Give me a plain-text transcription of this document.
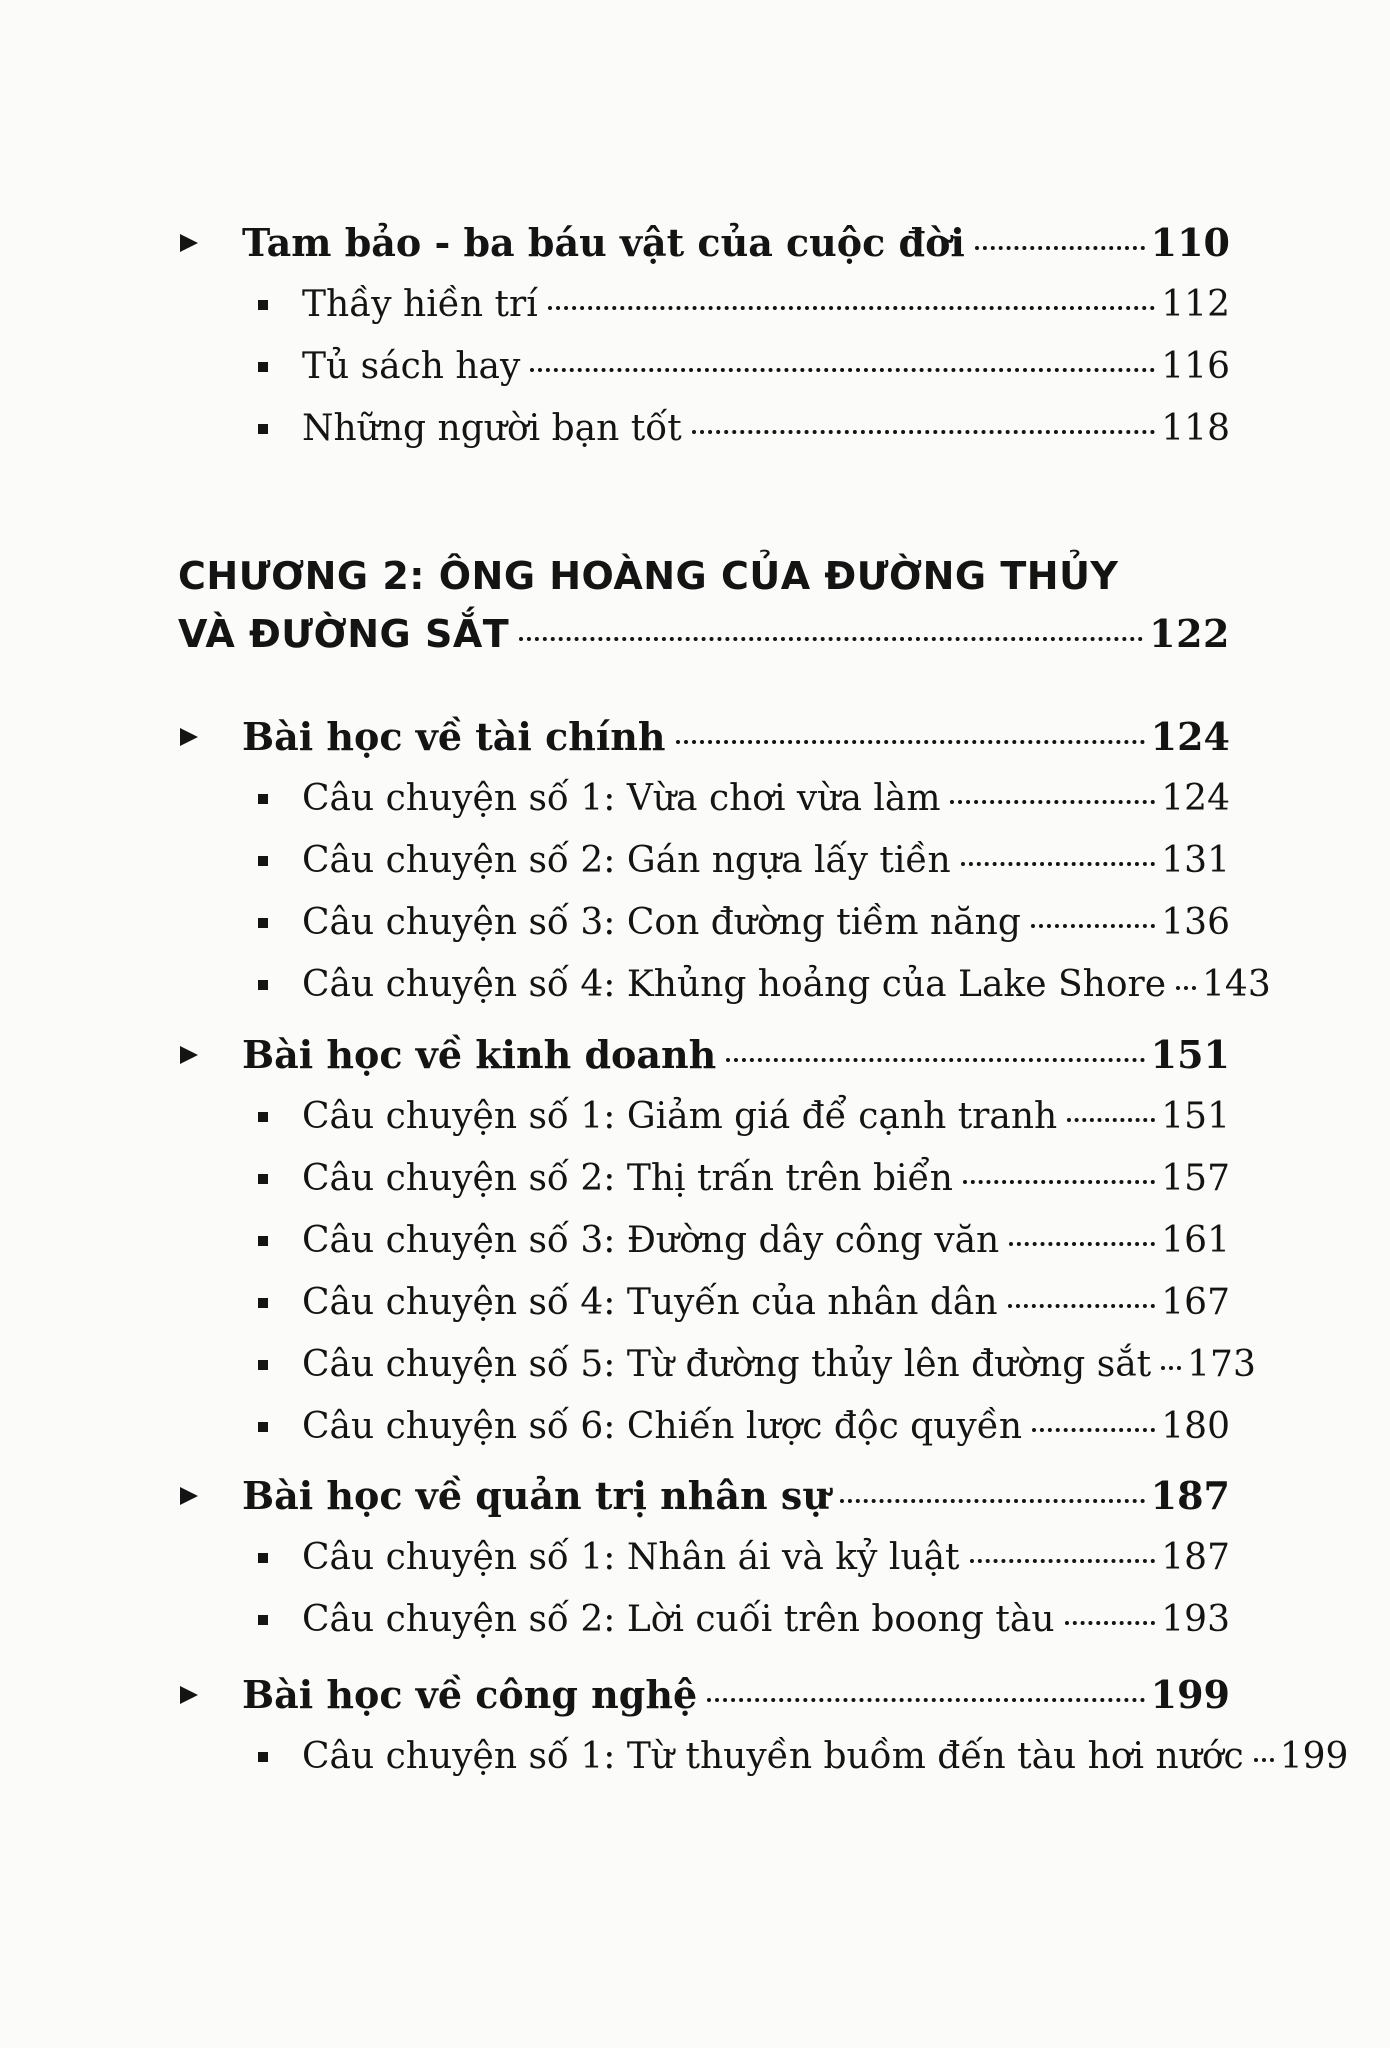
Tam bảo - ba báu vật của cuộc đời	110
Thầy hiền trí	112
Tủ sách hay	116
Những người bạn tốt	118
CHƯƠNG 2: ÔNG HOÀNG CỦA ĐƯỜNG THỦY
VÀ ĐƯỜNG SẮT	122
Bài học về tài chính	124
Câu chuyện số 1: Vừa chơi vừa làm	124
Câu chuyện số 2: Gán ngựa lấy tiền	131
Câu chuyện số 3: Con đường tiềm năng	136
Câu chuyện số 4: Khủng hoảng của Lake Shore 143
Bài học về kinh doanh	151
Câu chuyện số 1: Giảm giá để cạnh tranh	151
Câu chuyện số 2: Thị trấn trên biển	157
Câu chuyện số 3: Đường dây công văn	161
Câu chuyện số 4: Tuyến của nhân dân	167
Câu chuyện số 5: Từ đường thủy lên đường sắt 173
Câu chuyện số 6: Chiến lược độc quyền	180
Bài học về quản trị nhân sự	187
Câu chuyện số 1: Nhân ái và kỷ luật	187
Câu chuyện số 2: Lời cuối trên boong tàu	193
Bài học về công nghệ	199
Câu chuyện số 1: Từ thuyền buồm đến tàu hơi nước 199
